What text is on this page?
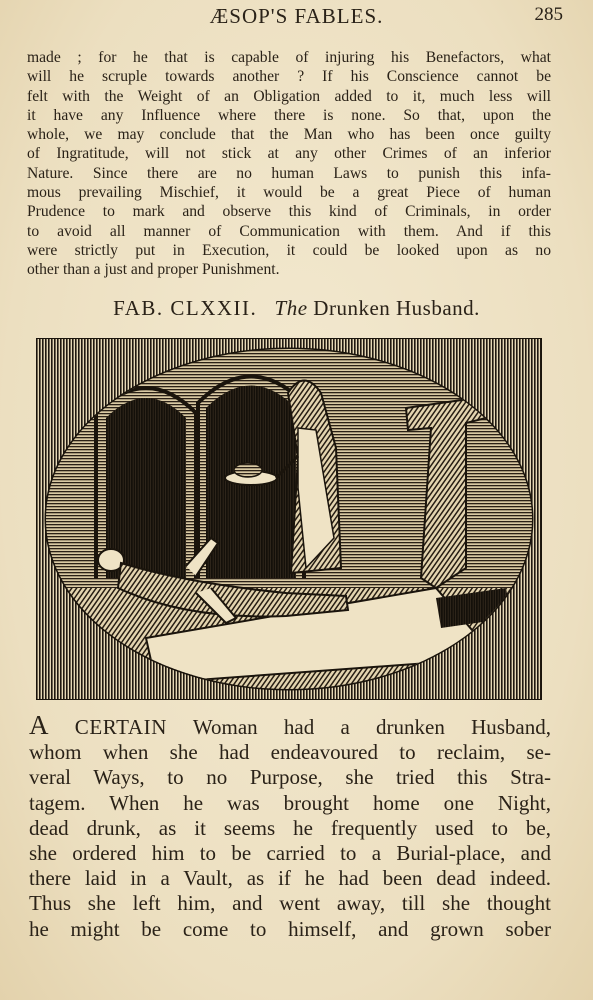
ÆSOP'S FABLES.	285
made ; for he that is capable of injuring his Benefactors, what
will he scruple towards another ? If his Conscience cannot be
felt with the Weight of an Obligation added to it, much less will
it have any Influence where there is none. So that, upon the
whole, we may conclude that the Man who has been once guilty
of Ingratitude, will not stick at any other Crimes of an inferior
Nature. Since there are no human Laws to punish this infa-
mous prevailing Mischief, it would be a great Piece of human
Prudence to mark and observe this kind of Criminals, in order
to avoid all manner of Communication with them. And if this
were strictly put in Execution, it could be looked upon as no
other than a just and proper Punishment.
FAB. CLXXII. The Drunken Husband.
A CERTAIN Woman had a drunken Husband,
whom when she had endeavoured to reclaim, se-
veral Ways, to no Purpose, she tried this Stra-
tagem. When he was brought home one Night,
dead drunk, as it seems he frequently used to be,
she ordered him to be carried to a Burial-place, and
there laid in a Vault, as if he had been dead indeed.
Thus she left him, and went away, till she thought
he might be come to himself, and grown sober
